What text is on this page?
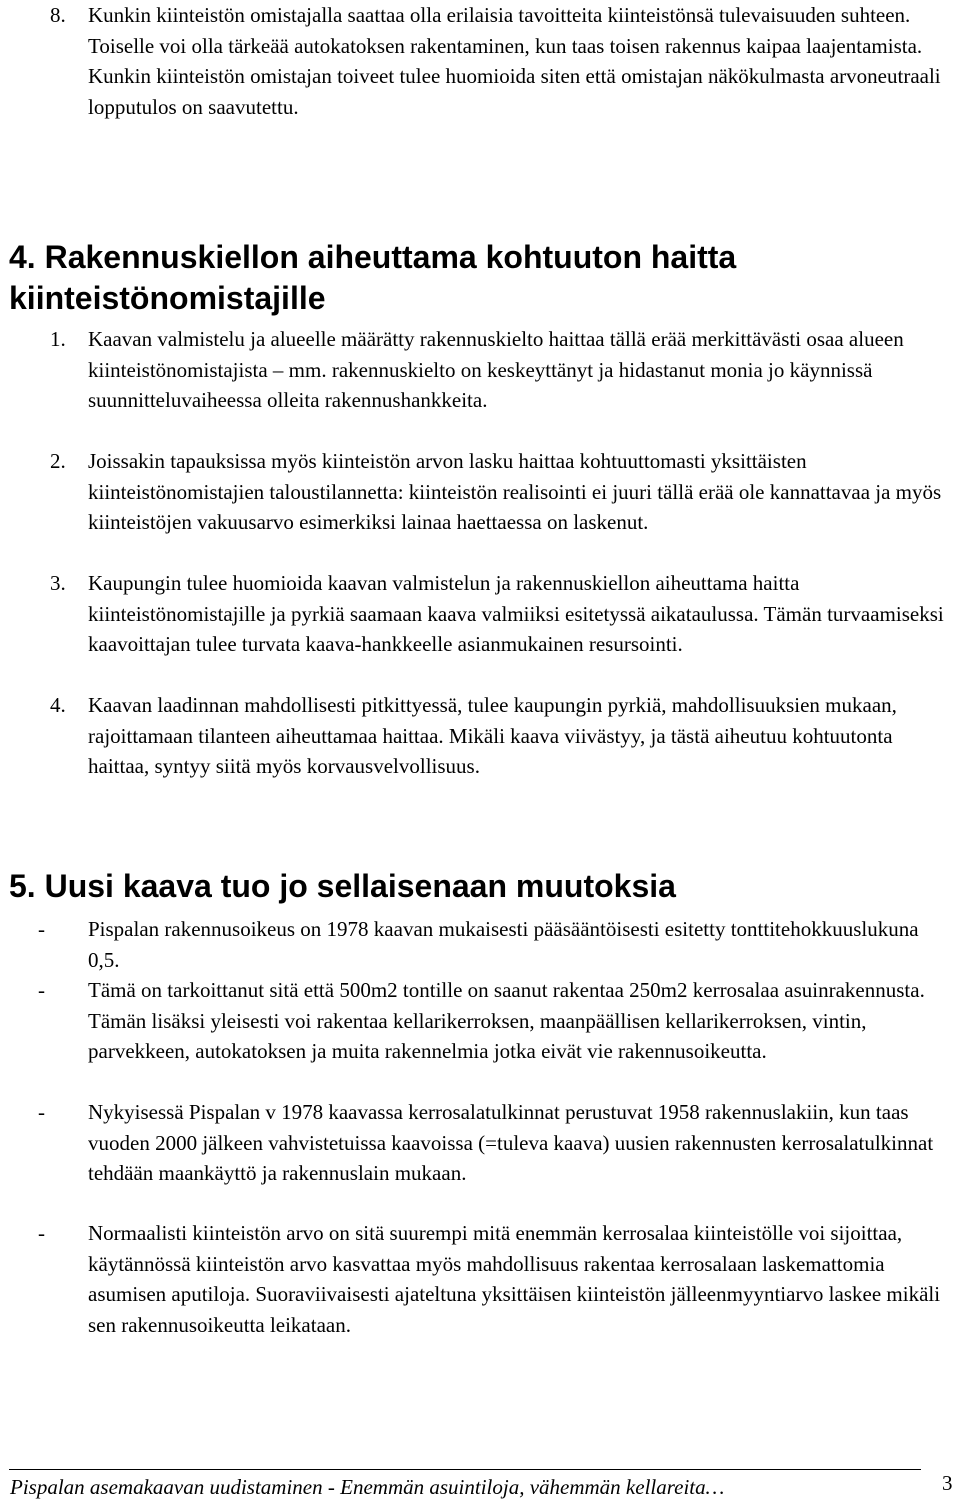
8. Kunkin kiinteistön omistajalla saattaa olla erilaisia tavoitteita kiinteistönsä tulevaisuuden suhteen. Toiselle voi olla tärkeää autokatoksen rakentaminen, kun taas toisen rakennus kaipaa laajentamista. Kunkin kiinteistön omistajan toiveet tulee huomioida siten että omistajan näkökulmasta arvoneutraali lopputulos on saavutettu.
4. Rakennuskiellon aiheuttama kohtuuton haitta kiinteistönomistajille
1. Kaavan valmistelu ja alueelle määrätty rakennuskielto haittaa tällä erää merkittävästi osaa alueen kiinteistönomistajista – mm. rakennuskielto on keskeyttänyt ja hidastanut monia jo käynnissä suunnitteluvaiheessa olleita rakennushankkeita.
2. Joissakin tapauksissa myös kiinteistön arvon lasku haittaa kohtuuttomasti yksittäisten kiinteistönomistajien taloustilannetta: kiinteistön realisointi ei juuri tällä erää ole kannattavaa ja myös kiinteistöjen vakuusarvo esimerkiksi lainaa haettaessa on laskenut.
3. Kaupungin tulee huomioida kaavan valmistelun ja rakennuskiellon aiheuttama haitta kiinteistönomistajille ja pyrkiä saamaan kaava valmiiksi esitetyssä aikataulussa. Tämän turvaamiseksi kaavoittajan tulee turvata kaava-hankkeelle asianmukainen resursointi.
4. Kaavan laadinnan mahdollisesti pitkittyessä, tulee kaupungin pyrkiä, mahdollisuuksien mukaan, rajoittamaan tilanteen aiheuttamaa haittaa. Mikäli kaava viivästyy, ja tästä aiheutuu kohtuutonta haittaa, syntyy siitä myös korvausvelvollisuus.
5. Uusi kaava tuo jo sellaisenaan muutoksia
- Pispalan rakennusoikeus on 1978 kaavan mukaisesti pääsääntöisesti esitetty tonttitehokkuuslukuna 0,5.
- Tämä on tarkoittanut sitä että 500m2 tontille on saanut rakentaa 250m2 kerrosalaa asuinrakennusta. Tämän lisäksi yleisesti voi rakentaa kellarikerroksen, maanpäällisen kellarikerroksen, vintin, parvekkeen, autokatoksen ja muita rakennelmia jotka eivät vie rakennusoikeutta.
- Nykyisessä Pispalan v 1978 kaavassa kerrosalatulkinnat perustuvat 1958 rakennuslakiin, kun taas vuoden 2000 jälkeen vahvistetuissa kaavoissa (=tuleva kaava) uusien rakennusten kerrosalatulkinnat tehdään maankäyttö ja rakennuslain mukaan.
- Normaalisti kiinteistön arvo on sitä suurempi mitä enemmän kerrosalaa kiinteistölle voi sijoittaa, käytännössä kiinteistön arvo kasvattaa myös mahdollisuus rakentaa kerrosalaan laskemattomia asumisen aputiloja. Suoraviivaisesti ajateltuna yksittäisen kiinteistön jälleenmyyntiarvo laskee mikäli sen rakennusoikeutta leikataan.
Pispalan asemakaavan uudistaminen - Enemmän asuintiloja, vähemmän kellareita…	3
